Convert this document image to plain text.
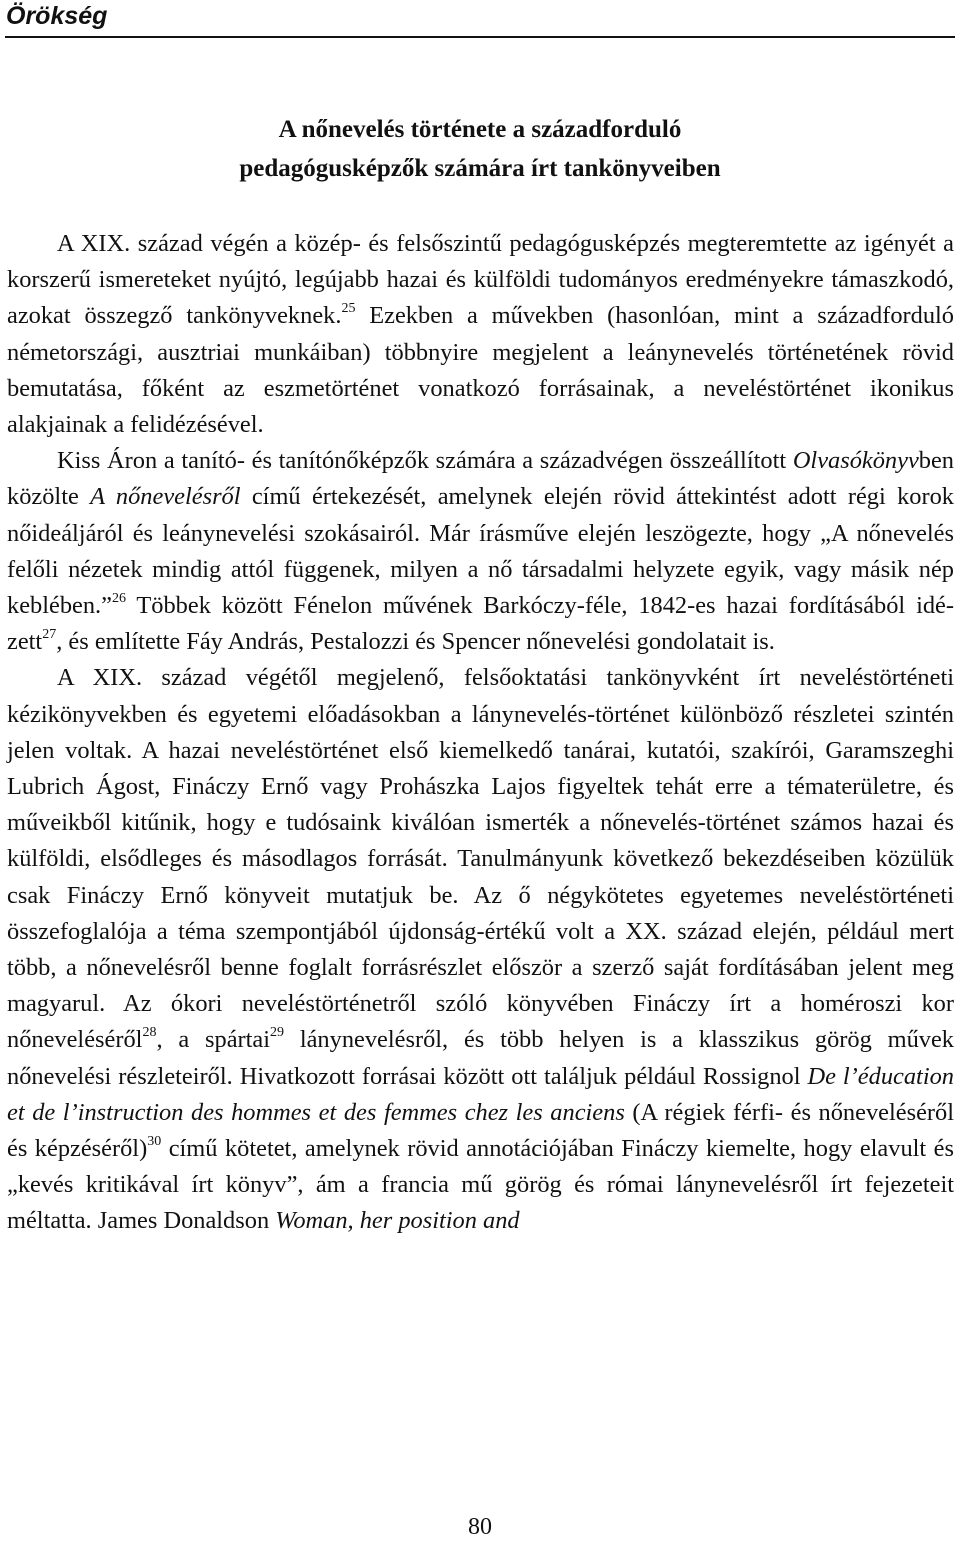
Örökség
A nőnevelés története a századforduló
pedagógusképzők számára írt tankönyveiben

A XIX. század végén a közép- és felsőszintű pedagógusképzés megteremtette az igényét a korszerű ismereteket nyújtó, legújabb hazai és külföldi tudományos eredményekre támaszkodó, azokat összegző tankönyveknek.$^{25}$ Ezekben a művekben (hasonlóan, mint a századforduló németországi, ausztriai munkáiban) többnyire megjelent a leánynevelés történetének rövid bemutatása, főként az eszmetörténet vonatkozó forrásainak, a neveléstörténet ikonikus alakjainak a felidézésével.

Kiss Áron a tanító- és tanítónőképzők számára a századvégen összeállított Olvasókönyvben közölte A nőnevelésről című értekezését, amelynek elején rövid áttekintést adott régi korok nőideáljáról és leánynevelési szokásairól. Már írásműve elején leszögezte, hogy „A nőnevelés felőli nézetek mindig attól függenek, milyen a nő társadalmi helyzete egyik, vagy másik nép keblében.”$^{26}$ Többek között Fénelon művének Barkóczy-féle, 1842-es hazai fordításából idézett$^{27}$, és említette Fáy András, Pestalozzi és Spencer nőnevelési gondolatait is.

A XIX. század végétől megjelenő, felsőoktatási tankönyvként írt neveléstörténeti kézikönyvekben és egyetemi előadásokban a lánynevelés-történet különböző részletei szintén jelen voltak. A hazai neveléstörténet első kiemelkedő tanárai, kutatói, szakírói, Garamszeghi Lubrich Ágost, Fináczy Ernő vagy Prohászka Lajos figyeltek tehát erre a tématerületre, és műveikből kitűnik, hogy e tudósaink kiválóan ismerték a nőnevelés-történet számos hazai és külföldi, elsődleges és másodlagos forrását. Tanulmányunk következő bekezdéseiben közülük csak Fináczy Ernő könyveit mutatjuk be. Az ő négykötetes egyetemes neveléstörténeti összefoglalója a téma szempontjából újdonság-értékű volt a XX. század elején, például mert több, a nőnevelésről benne foglalt forrásrészlet először a szerző saját fordításában jelent meg magyarul. Az ókori neveléstörténetről szóló könyvében Fináczy írt a homéroszi kor nőneveléséről$^{28}$, a spártai$^{29}$ lánynevelésről, és több helyen is a klasszikus görög művek nőnevelési részleteiről. Hivatkozott forrásai között ott találjuk például Rossignol De l’éducation et de l’instruction des hommes et des femmes chez les anciens (A régiek férfi- és nőneveléséről és képzéséről)$^{30}$ című kötetet, amelynek rövid annotációjában Fináczy kiemelte, hogy elavult és „kevés kritikával írt könyv”, ám a francia mű görög és római lánynevelésről írt fejezeteit méltatta. James Donaldson Woman, her position and

80
